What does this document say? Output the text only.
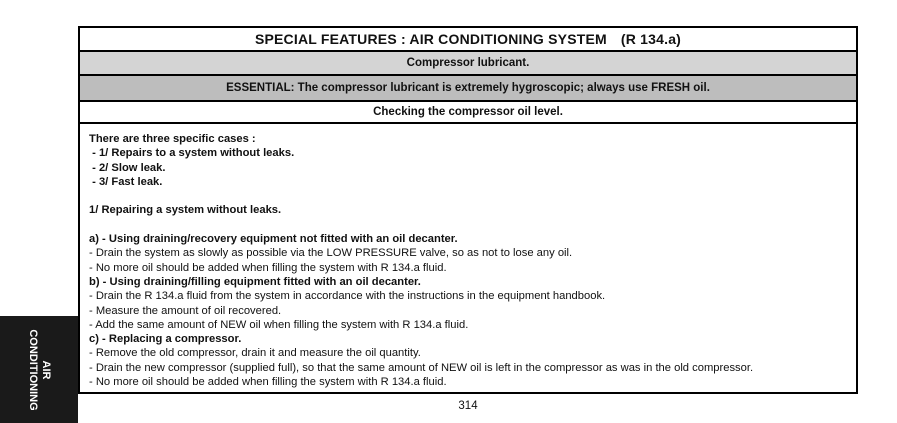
SPECIAL FEATURES : AIR CONDITIONING SYSTEM (R 134.a)
Compressor lubricant.
ESSENTIAL: The compressor lubricant is extremely hygroscopic; always use FRESH oil.
Checking the compressor oil level.
There are three specific cases :
- 1/ Repairs to a system without leaks.
- 2/ Slow leak.
- 3/ Fast leak.
1/ Repairing a system without leaks.
a) - Using draining/recovery equipment not fitted with an oil decanter.
- Drain the system as slowly as possible via the LOW PRESSURE valve, so as not to lose any oil.
- No more oil should be added when filling the system with R 134.a fluid.
b) - Using draining/filling equipment fitted with an oil decanter.
- Drain the R 134.a fluid from the system in accordance with the instructions in the equipment handbook.
- Measure the amount of oil recovered.
- Add the same amount of NEW oil when filling the system with R 134.a fluid.
c) - Replacing a compressor.
- Remove the old compressor, drain it and measure the oil quantity.
- Drain the new compressor (supplied full), so that the same amount of NEW oil is left in the compressor as was in the old compressor.
- No more oil should be added when filling the system with R 134.a fluid.
AIR
CONDITIONING	314
